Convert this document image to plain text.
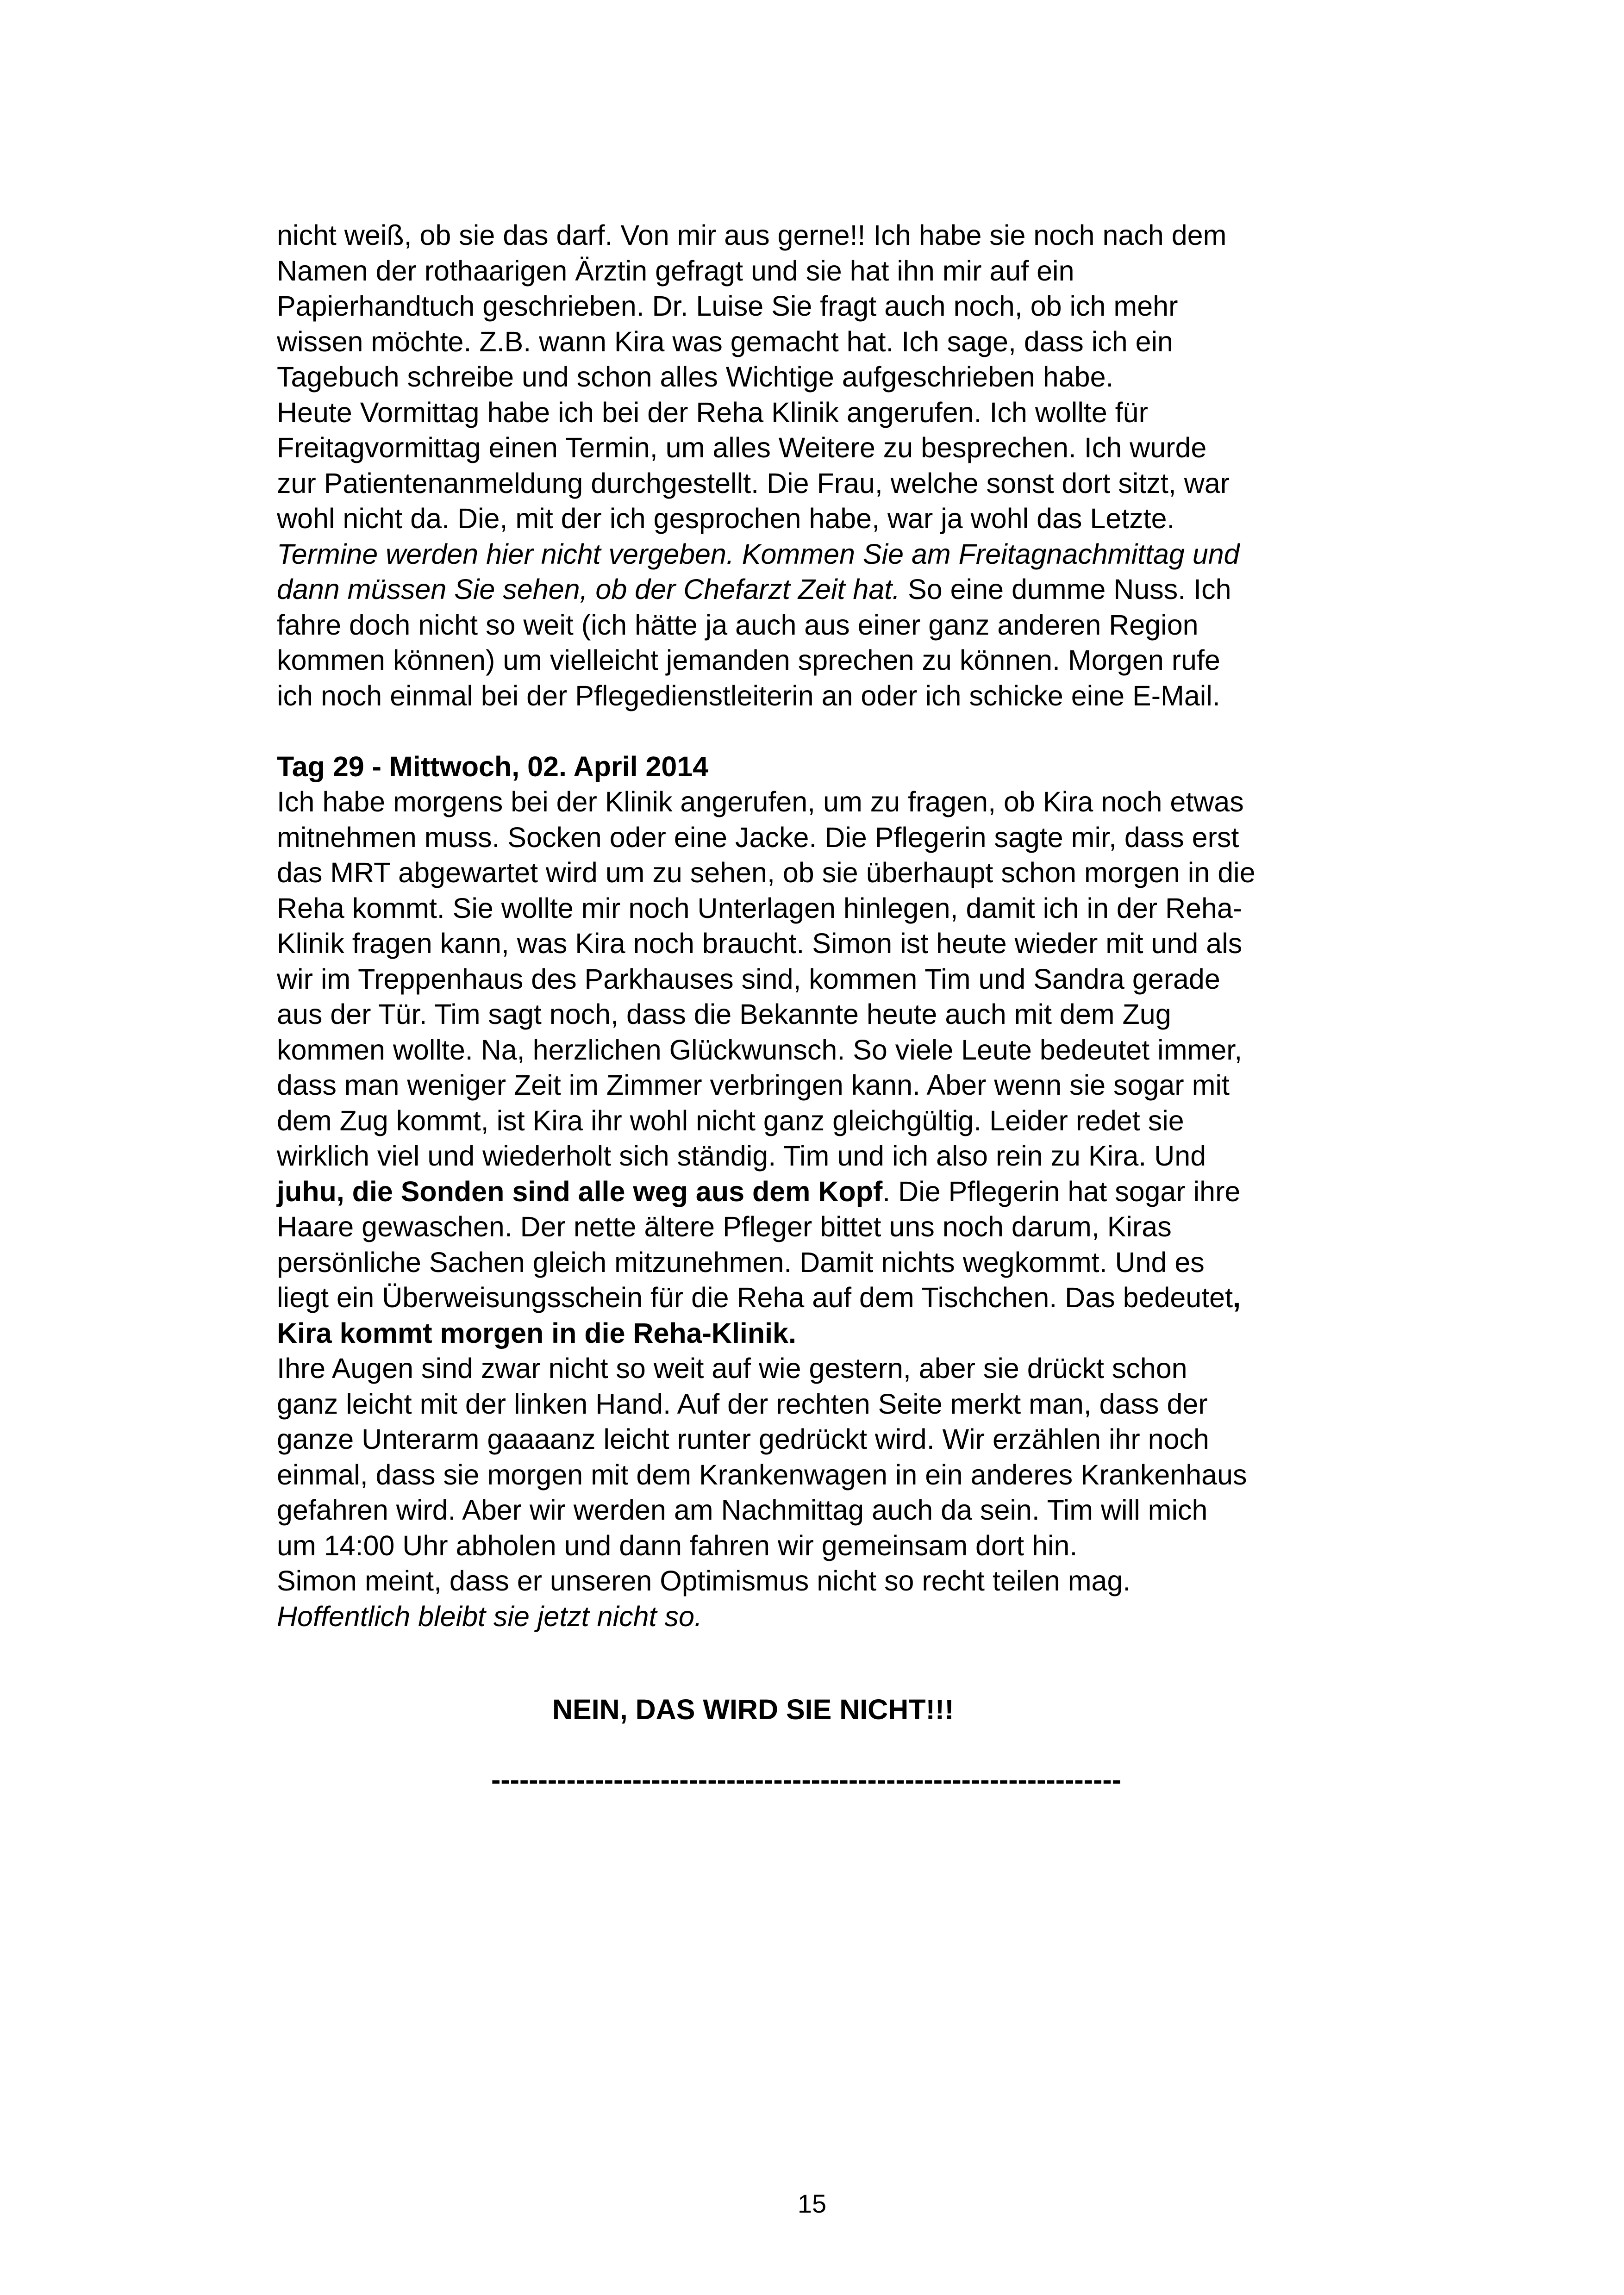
nicht weiß, ob sie das darf. Von mir aus gerne!! Ich habe sie noch nach dem
Namen der rothaarigen Ärztin gefragt und sie hat ihn mir auf ein
Papierhandtuch geschrieben. Dr. Luise Sie fragt auch noch, ob ich mehr
wissen möchte. Z.B. wann Kira was gemacht hat. Ich sage, dass ich ein
Tagebuch schreibe und schon alles Wichtige aufgeschrieben habe.
Heute Vormittag habe ich bei der Reha Klinik angerufen. Ich wollte für
Freitagvormittag einen Termin, um alles Weitere zu besprechen. Ich wurde
zur Patientenanmeldung durchgestellt. Die Frau, welche sonst dort sitzt, war
wohl nicht da. Die, mit der ich gesprochen habe, war ja wohl das Letzte.
Termine werden hier nicht vergeben. Kommen Sie am Freitagnachmittag und
dann müssen Sie sehen, ob der Chefarzt Zeit hat. So eine dumme Nuss. Ich
fahre doch nicht so weit (ich hätte ja auch aus einer ganz anderen Region
kommen können) um vielleicht jemanden sprechen zu können. Morgen rufe
ich noch einmal bei der Pflegedienstleiterin an oder ich schicke eine E-Mail.
Tag 29 - Mittwoch, 02. April 2014
Ich habe morgens bei der Klinik angerufen, um zu fragen, ob Kira noch etwas
mitnehmen muss. Socken oder eine Jacke. Die Pflegerin sagte mir, dass erst
das MRT abgewartet wird um zu sehen, ob sie überhaupt schon morgen in die
Reha kommt. Sie wollte mir noch Unterlagen hinlegen, damit ich in der Reha-
Klinik fragen kann, was Kira noch braucht. Simon ist heute wieder mit und als
wir im Treppenhaus des Parkhauses sind, kommen Tim und Sandra gerade
aus der Tür. Tim sagt noch, dass die Bekannte heute auch mit dem Zug
kommen wollte. Na, herzlichen Glückwunsch. So viele Leute bedeutet immer,
dass man weniger Zeit im Zimmer verbringen kann. Aber wenn sie sogar mit
dem Zug kommt, ist Kira ihr wohl nicht ganz gleichgültig. Leider redet sie
wirklich viel und wiederholt sich ständig. Tim und ich also rein zu Kira. Und
juhu, die Sonden sind alle weg aus dem Kopf. Die Pflegerin hat sogar ihre
Haare gewaschen. Der nette ältere Pfleger bittet uns noch darum, Kiras
persönliche Sachen gleich mitzunehmen. Damit nichts wegkommt. Und es
liegt ein Überweisungsschein für die Reha auf dem Tischchen. Das bedeutet,
Kira kommt morgen in die Reha-Klinik.
Ihre Augen sind zwar nicht so weit auf wie gestern, aber sie drückt schon
ganz leicht mit der linken Hand. Auf der rechten Seite merkt man, dass der
ganze Unterarm gaaaanz leicht runter gedrückt wird. Wir erzählen ihr noch
einmal, dass sie morgen mit dem Krankenwagen in ein anderes Krankenhaus
gefahren wird. Aber wir werden am Nachmittag auch da sein. Tim will mich
um 14:00 Uhr abholen und dann fahren wir gemeinsam dort hin.
Simon meint, dass er unseren Optimismus nicht so recht teilen mag.
Hoffentlich bleibt sie jetzt nicht so.
NEIN, DAS WIRD SIE NICHT!!!
-------------------------------------------------------------------
15
